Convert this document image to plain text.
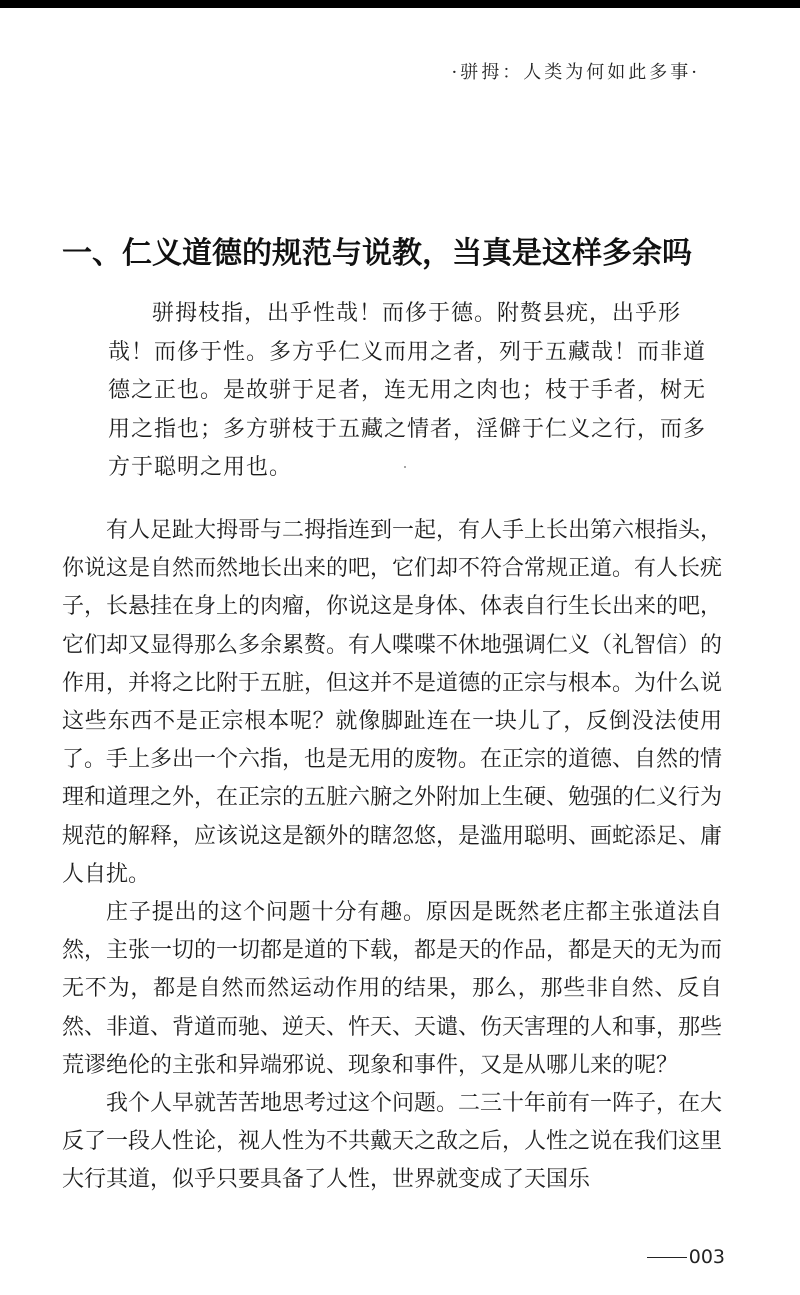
·骈拇：人类为何如此多事·
一、仁义道德的规范与说教，当真是这样多余吗

骈拇枝指，出乎性哉！而侈于德。附赘县疣，出乎形哉！而侈于性。多方乎仁义而用之者，列于五藏哉！而非道德之正也。是故骈于足者，连无用之肉也；枝于手者，树无用之指也；多方骈枝于五藏之情者，淫僻于仁义之行，而多方于聪明之用也。

有人足趾大拇哥与二拇指连到一起，有人手上长出第六根指头，你说这是自然而然地长出来的吧，它们却不符合常规正道。有人长疣子，长悬挂在身上的肉瘤，你说这是身体、体表自行生长出来的吧，它们却又显得那么多余累赘。有人喋喋不休地强调仁义（礼智信）的作用，并将之比附于五脏，但这并不是道德的正宗与根本。为什么说这些东西不是正宗根本呢？就像脚趾连在一块儿了，反倒没法使用了。手上多出一个六指，也是无用的废物。在正宗的道德、自然的情理和道理之外，在正宗的五脏六腑之外附加上生硬、勉强的仁义行为规范的解释，应该说这是额外的瞎忽悠，是滥用聪明、画蛇添足、庸人自扰。

庄子提出的这个问题十分有趣。原因是既然老庄都主张道法自然，主张一切的一切都是道的下载，都是天的作品，都是天的无为而无不为，都是自然而然运动作用的结果，那么，那些非自然、反自然、非道、背道而驰、逆天、忤天、天谴、伤天害理的人和事，那些荒谬绝伦的主张和异端邪说、现象和事件，又是从哪儿来的呢？

我个人早就苦苦地思考过这个问题。二三十年前有一阵子，在大反了一段人性论，视人性为不共戴天之敌之后，人性之说在我们这里大行其道，似乎只要具备了人性，世界就变成了天国乐

003
